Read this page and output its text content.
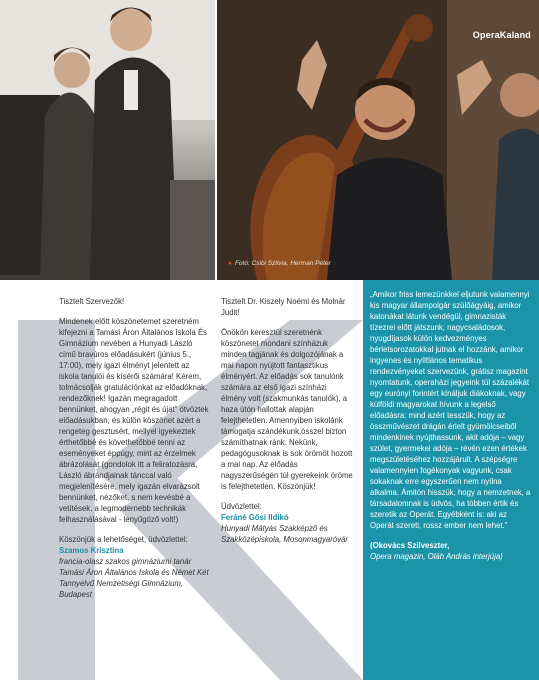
OperaKaland
● Fotó: Csibi Szilvia, Herman Péter

Tisztelt Szervezők!

Mindenek előtt köszönetemet szeretném kifejezni a Tamási Áron Általános Iskola És Gimnázium nevében a Hunyadi László című bravúros előadásukért (június 5., 17:00), mely igazi élményt jelentett az iskola tanulói és kísérői számára! Kérem, tolmácsolják gratulációnkat az előadóknak, rendezőknek! Igazán megragadott bennünket, ahogyan „régit és újat” ötvöztek előadásukban, és külön köszönet azért a rengeteg gesztusért, mellyel igyekeztek érthetőbbé és követhetőbbé tenni az eseményeket éppúgy, mint az érzelmek ábrázolását (gondolok itt a feliratozásra, László ábrándjainak tánccal való megjelenítésére, mely igazán elvarázsolt bennünket, nézőket, s nem kevésbé a vetítések, a legmodernebb technikák felhasználásával - lenyűgöző volt!)

Köszönjük a lehetőséget, üdvözlettel:
Szamos Krisztina
francia-olasz szakos gimnáziumi tanár Tamási Áron Általános Iskola és Német Két Tannyelvű Nemzetiségi Gimnázium, Budapest

Tisztelt Dr. Kiszely Noémi és Molnár Judit!

Önökön keresztül szeretnénk köszönetet mondani színházuk minden tagjának és dolgozójának a mai napon nyújtott fantasztikus élményért. Az előadás sok tanulónk számára az első igazi színházi élmény volt (szakmunkás tanulók), a haza útón hallottak alapján felejthetetlen. Amennyiben iskolánk támogatja szándékunk,ósszel bizton számíthatnak ránk. Nekünk, pedagógusoknak is sok örömöt hozott a mai nap. Az előadás nagyszerűségén túl gyerekeink öröme is felejthetetlen. Köszönjük!

Üdvözlettel:
Feráné Gősi Ildikó
Hunyadi Mátyás Szakképző és Szakközépiskola, Mosonmagyaróvár

„Amikor friss lemezünkkel eljutunk valamennyi kis magyar állampolgár szülőágyáig, amikor katonákat látunk vendégül, gimnazisták tízezrei előtt játszunk, nagycsaládosok, nyugdíjasok külön kedvezményes bérletsorozatokkal jutnak el hozzánk, amikor ingyenes és nyíltlános tematikus rendezvényeket szervezünk, grátisz magazint nyomtatunk, operaházi jegyeink túl százalékát egy eurónyi forintért kínáljuk diákoknak, vagy külföldi magyarokat hívunk a legelső előadásra: mind azért tesszük, hogy az összművészet drágán érlelt gyümölcseiből mindenkinek nyújthassunk, akit adója – vagy szület, gyermekei adója – révén ezen értékek megszületéséhez hozzájárult. A szépségre valamennyien fogékonyak vagyunk, csak sokaknak erre egyszerűen nem nyílna alkalma. Ámitón hisszük, hogy a nemzetnek, a társadalomnak is üdvös, ha többen értik és szeretik az Operát. Egyébként is: aki az Operát szereti, rossz ember nem lehet.”

(Okovács Szilveszter,
Opera magazin, Oláh András interjúja)
